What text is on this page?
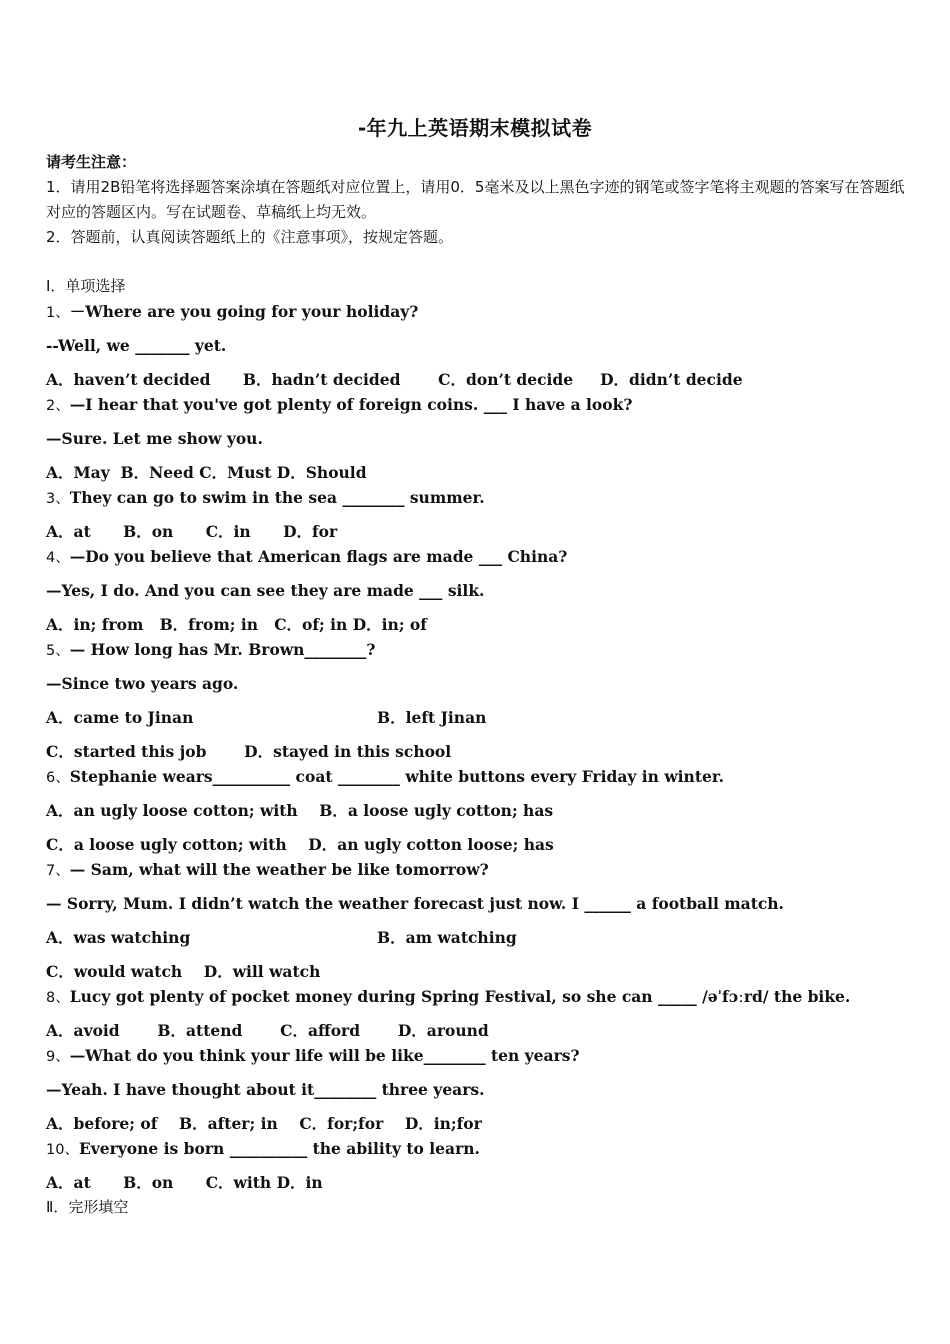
-年九上英语期末模拟试卷

请考生注意：

1．请用2B铅笔将选择题答案涂填在答题纸对应位置上，请用0．5毫米及以上黑色字迹的钢笔或签字笔将主观题的答案写在答题纸对应的答题区内。写在试题卷、草稿纸上均无效。

2．答题前，认真阅读答题纸上的《注意事项》，按规定答题。

Ⅰ．单项选择

1、－Where are you going for your holiday?

--Well, we _______ yet.

A．haven’t decided      B．hadn’t decided       C．don’t decide     D．didn’t decide

2、—I hear that you've got plenty of foreign coins. ___ I have a look?

—Sure. Let me show you.

A．May  B．Need C．Must D．Should

3、They can go to swim in the sea ________ summer.

A．at      B．on      C．in      D．for

4、—Do you believe that American flags are made ___ China?

—Yes, I do. And you can see they are made ___ silk.

A．in; from   B．from; in   C．of; in D．in; of

5、— How long has Mr. Brown________?

—Since two years ago.

A．came to Jinan	B．left Jinan

C．started this job       D．stayed in this school

6、Stephanie wears__________ coat ________ white buttons every Friday in winter.

A．an ugly loose cotton; with    B．a loose ugly cotton; has

C．a loose ugly cotton; with    D．an ugly cotton loose; has

7、— Sam, what will the weather be like tomorrow?

— Sorry, Mum. I didn’t watch the weather forecast just now. I ______ a football match.

A．was watching	B．am watching

C．would watch    D．will watch

8、Lucy got plenty of pocket money during Spring Festival, so she can _____ /əˈfɔːrd/ the bike.

A．avoid       B．attend       C．afford       D．around

9、—What do you think your life will be like________ ten years?

—Yeah. I have thought about it________ three years.

A．before; of    B．after; in    C．for;for    D．in;for

10、Everyone is born __________ the ability to learn.

A．at      B．on      C．with D．in

Ⅱ．完形填空
